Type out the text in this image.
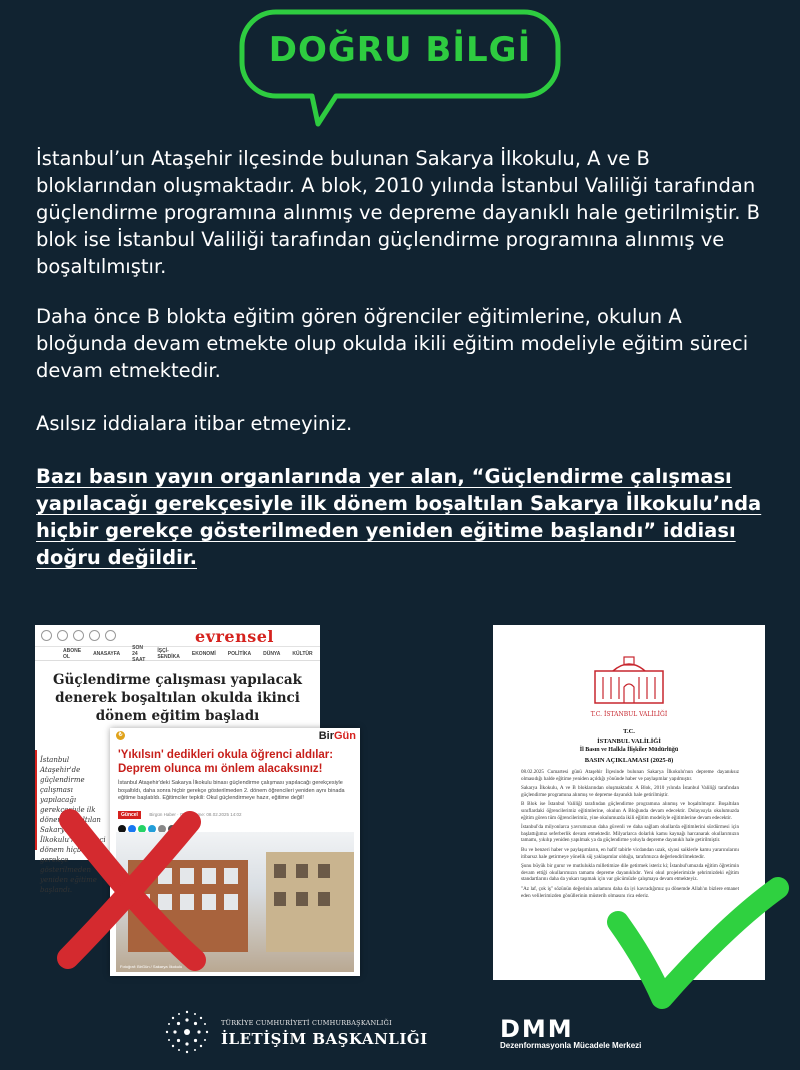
DOĞRU BİLGİ
İstanbul’un Ataşehir ilçesinde bulunan Sakarya İlkokulu, A ve B bloklarından oluşmaktadır. A blok, 2010 yılında İstanbul Valiliği tarafından güçlendirme programına alınmış ve depreme dayanıklı hale getirilmiştir. B blok ise İstanbul Valiliği tarafından güçlendirme programına alınmış ve boşaltılmıştır.
Daha önce B blokta eğitim gören öğrenciler eğitimlerine, okulun A bloğunda devam etmekte olup okulda ikili eğitim modeliyle eğitim süreci devam etmektedir.
Asılsız iddialara itibar etmeyiniz.
Bazı basın yayın organlarında yer alan, “Güçlendirme çalışması yapılacağı gerekçesiyle ilk dönem boşaltılan Sakarya İlkokulu’nda hiçbir gerekçe gösterilmeden yeniden eğitime başlandı” iddiası doğru değildir.
evrensel
ABONE OL	ANASAYFA
SON 24 SAAT
İŞÇİ-SENDİKA EKONOMİ POLİTİKA DÜNYA KÜLTÜR
Güçlendirme çalışması yapılacak denerek boşaltılan okulda ikinci dönem eğitim başladı
İstanbul Ataşehir'de güçlendirme çalışması yapılacağı gerekçesiyle ilk dönem boşaltılan Sakarya İlkokulu'nda ikinci dönem hiçbir gerekçe gösterilmeden yeniden eğitime başlandı.
₺	BirGün
'Yıkılsın' dedikleri okula öğrenci aldılar: Deprem olunca mı önlem alacaksınız!
İstanbul Ataşehir'deki Sakarya İlkokulu binası güçlendirme çalışması yapılacağı gerekçesiyle boşaltıldı, daha sonra hiçbir gerekçe gösterilmeden 2. dönem öğrencileri yeniden aynı binada eğitime başlatıldı. Eğitimciler tepkili: Okul güçlendirmeye hazır, eğitime değil!
Güncel	Birgün Haber · Güncelleme: 08.02.2025 14:02
Fotoğraf: BirGün / Sakarya İlkokulu
T.C. İSTANBUL VALİLİĞİ
T.C.
İSTANBUL VALİLİĞİ
İl Basın ve Halkla İlişkiler Müdürlüğü
BASIN AÇIKLAMASI (2025-8)

08.02.2025 Cumartesi günü Ataşehir İlçesinde bulunan Sakarya İlkokulu'nun depreme dayanıksız olmasıdığı halde eğitime yeniden açıldığı yönünde haber ve paylaşımlar yapılmıştır.

Sakarya İlkokulu, A ve B bloklarından oluşmaktadır. A Blok, 2010 yılında İstanbul Valiliği tarafından güçlendirme programına alınmış ve depreme dayanıklı hale getirilmiştir.

B Blok ise İstanbul Valiliği tarafından güçlendirme programına alınmış ve boşaltılmıştır. Boşaltılan sınıflardaki öğrencilerimiz eğitimlerine, okulun A Bloğunda devam edecektir. Dolayısıyla okulumuzda eğitim gören tüm öğrencilerimiz, yine okulumuzda ikili eğitim modeliyle eğitimlerine devam edecektir.

İstanbul'da milyonlarca yavrumuzun daha güvenli ve daha sağlam okullarda eğitimlerini sürdürmesi için başlattığımız seferberlik devam etmektedir. Milyarlarca dolarlık kamu kaynağı harcanarak okullarımızın tamamı, yıkılıp yeniden yapılmak ya da güçlendirme yoluyla depreme dayanıklı hale getirilmiştir.

Bu ve benzeri haber ve paylaşımların, en hafif tabirle vicdandan uzak, siyasi saiklerle kamu yararınılarını itibarsız hale getirmeye yönelik süj yaklaşımlar olduğu, tarafımızca değerlendirilmektedir.

Şunu büyük bir gurur ve mutlulukla milletimize dile getirmek isteriz ki; İstanbul'umuzda eğitim öğretimin devam ettiği okullarımızın tamamı depreme dayanıklıdır. Yeni okul projelerimizle şehrimizdeki eğitim standartlarını daha da yukarı taşımak için var gücümüzle çalışmaya devam etmekteyiz.

"Az laf, çok iş" sözünün değerinin anlamını daha da iyi kavradığımız şu dönemde Allah'ın bizlere emanet eden velilerimizden gönüllerinin müsterih olmasını rica ederiz.

TÜRKİYE CUMHURİYETİ CUMHURBAŞKANLIĞI
İLETİŞİM BAŞKANLIĞI	DMM
Dezenformasyonla Mücadele Merkezi
